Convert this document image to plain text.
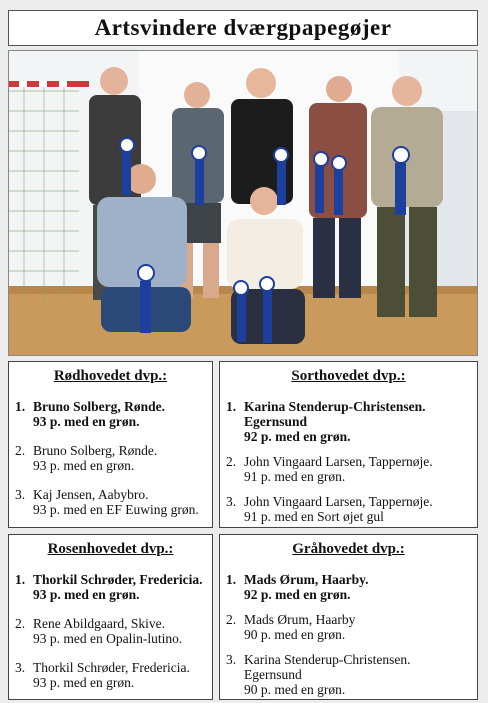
Artsvindere dværgpapegøjer
Rødhovedet dvp.:
1. Bruno Solberg, Rønde.
93 p. med en grøn.
2. Bruno Solberg, Rønde.
93 p. med en grøn.
3. Kaj Jensen, Aabybro.
93 p. med en EF Euwing grøn.
Sorthovedet dvp.:
1. Karina Stenderup-Christensen. Egernsund
92 p. med en grøn.
2. John Vingaard Larsen, Tappernøje.
91 p. med en grøn.
3. John Vingaard Larsen, Tappernøje.
91 p. med en Sort øjet gul
Rosenhovedet dvp.:
1. Thorkil Schrøder, Fredericia.
93 p. med en grøn.
2. Rene Abildgaard, Skive.
93 p. med en Opalin-lutino.
3. Thorkil Schrøder, Fredericia.
93 p. med en grøn.
Gråhovedet dvp.:
1. Mads Ørum, Haarby.
92 p. med en grøn.
2. Mads Ørum, Haarby
90 p. med en grøn.
3. Karina Stenderup-Christensen. Egernsund
90 p. med en grøn.
